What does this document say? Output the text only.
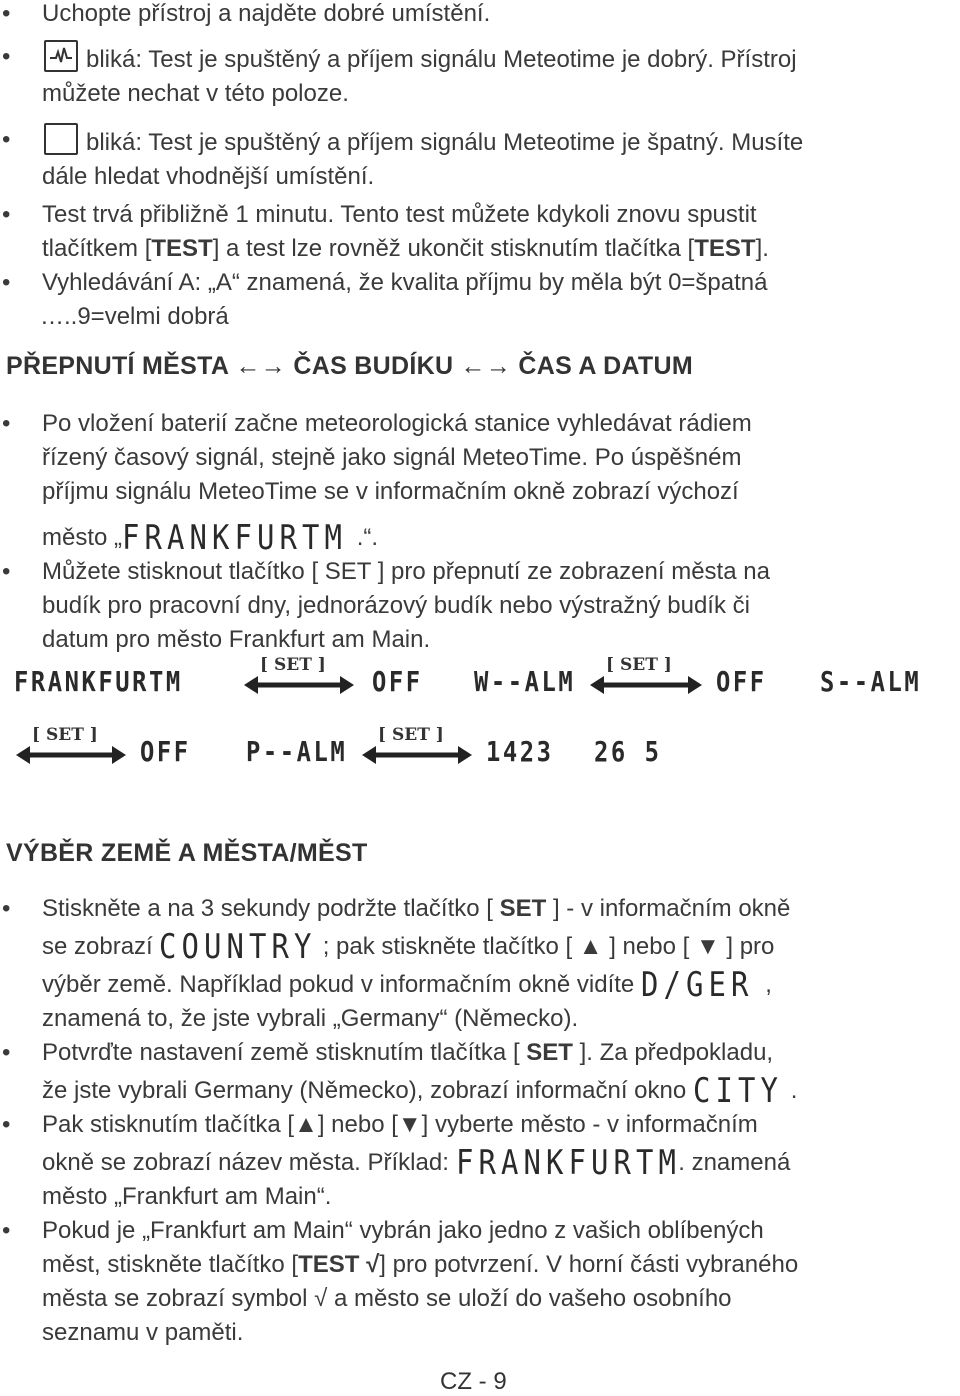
• Uchopte přístroj a najděte dobré umístění.
•	bliká: Test je spuštěný a příjem signálu Meteotime je dobrý. Přístroj
můžete nechat v této poloze.
•	bliká: Test je spuštěný a příjem signálu Meteotime je špatný. Musíte
dále hledat vhodnější umístění.
• Test trvá přibližně 1 minutu. Tento test můžete kdykoli znovu spustit
tlačítkem [TEST] a test lze rovněž ukončit stisknutím tlačítka [TEST].
• Vyhledávání A: „A“ znamená, že kvalita příjmu by měla být 0=špatná
…..9=velmi dobrá
PŘEPNUTÍ MĚSTA ←→ ČAS BUDÍKU ←→ ČAS A DATUM
• Po vložení baterií začne meteorologická stanice vyhledávat rádiem
řízený časový signál, stejně jako signál MeteoTime. Po úspěšném
příjmu signálu MeteoTime se v informačním okně zobrazí výchozí
město „FRANKFURTM .“.
• Můžete stisknout tlačítko [ SET ] pro přepnutí ze zobrazení města na
budík pro pracovní dny, jednorázový budík nebo výstražný budík či
datum pro město Frankfurt am Main.
FRANKFURTM	[ SET ] OFF W--ALM [ SET ] OFF S--ALM
[ SET ] OFF P--ALM [ SET ] 1423 26 5
VÝBĚR ZEMĚ A MĚSTA/MĚST
• Stiskněte a na 3 sekundy podržte tlačítko [ SET ] - v informačním okně
se zobrazí COUNTRY ; pak stiskněte tlačítko [ ▲ ] nebo [ ▼ ] pro
výběr země. Například pokud v informačním okně vidíte D/GER ,
znamená to, že jste vybrali „Germany“ (Německo).
• Potvrďte nastavení země stisknutím tlačítka [ SET ]. Za předpokladu,
že jste vybrali Germany (Německo), zobrazí informační okno CITY .
• Pak stisknutím tlačítka [▲] nebo [▼] vyberte město - v informačním
okně se zobrazí název města. Příklad: FRANKFURTM. znamená
město „Frankfurt am Main“.
• Pokud je „Frankfurt am Main“ vybrán jako jedno z vašich oblíbených
měst, stiskněte tlačítko [TEST √] pro potvrzení. V horní části vybraného
města se zobrazí symbol √ a město se uloží do vašeho osobního
seznamu v paměti.
CZ - 9
